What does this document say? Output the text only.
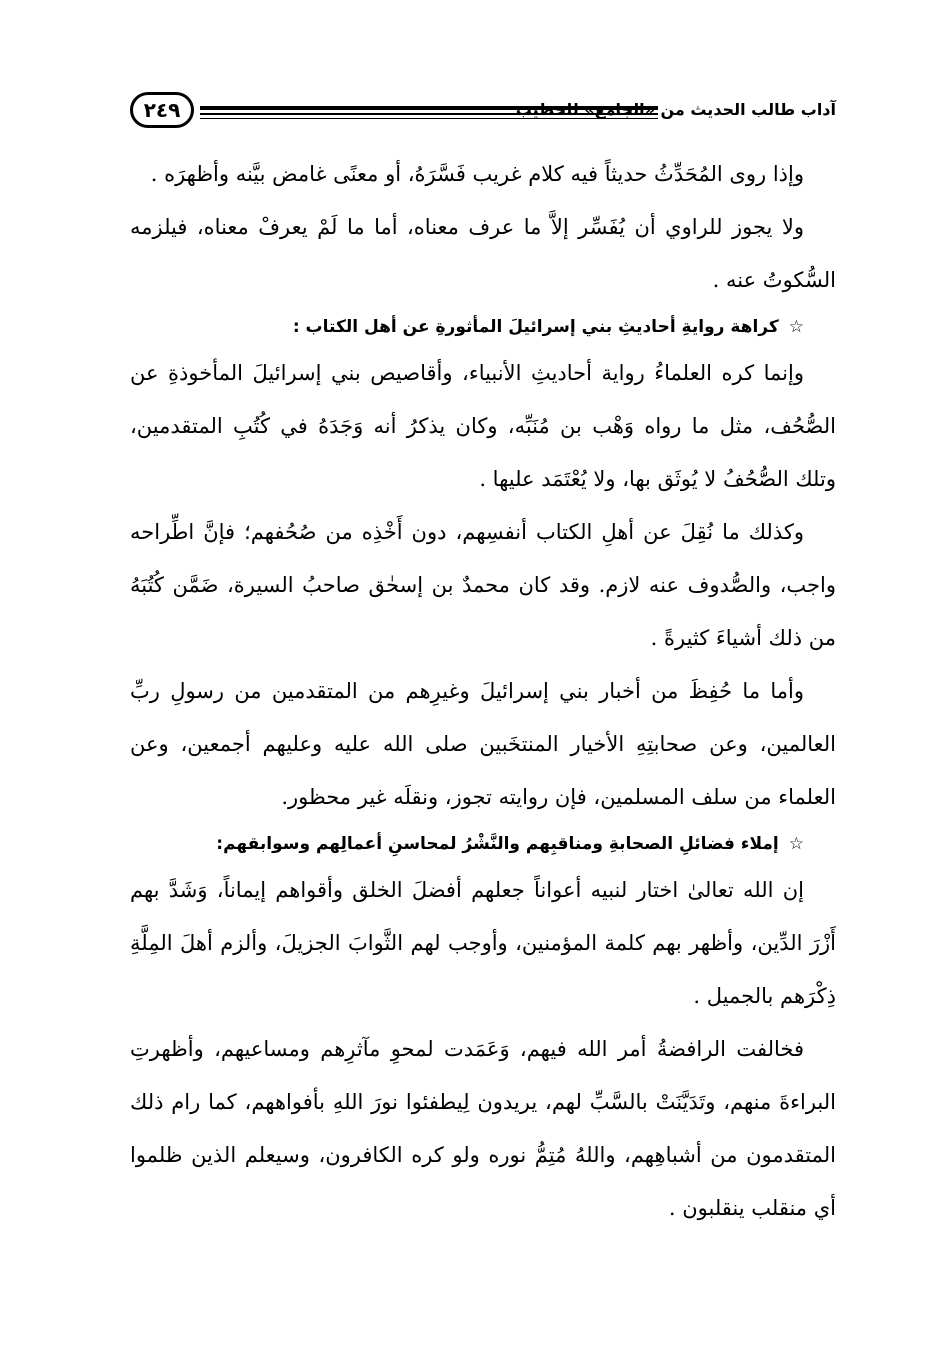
٢٤٩	آداب طالب الحديث من «الجامع» للخطيب

وإذا روى المُحَدِّثُ حديثاً فيه كلام غريب فَسَّرَهُ، أو معنًى غامض بيَّنه وأظهرَه .

ولا يجوز للراوي أن يُفَسِّر إلاَّ ما عرف معناه، أما ما لَمْ يعرفْ معناه، فيلزمه السُّكوتُ عنه .

☆كراهة روايةِ أحاديثِ بني إسرائيلَ المأثورةِ عن أهل الكتاب :

وإنما كره العلماءُ رواية أحاديثِ الأنبياء، وأقاصيص بني إسرائيلَ المأخوذةِ عن الصُّحُف، مثل ما رواه وَهْب بن مُنَبِّه، وكان يذكرُ أنه وَجَدَهُ في كُتُبِ المتقدمين، وتلك الصُّحُفُ لا يُوثَق بها، ولا يُعْتَمَد عليها .

وكذلك ما نُقِلَ عن أهلِ الكتاب أنفسِهم، دون أَخْذِه من صُحُفهم؛ فإنَّ اطِّراحه واجب، والصُّدوف عنه لازم. وقد كان محمدٌ بن إسحٰق صاحبُ السيرة، ضَمَّن كُتُبَهُ من ذلك أشياءَ كثيرةً .

وأما ما حُفِظَ من أخبار بني إسرائيلَ وغيرِهم من المتقدمين من رسولِ ربِّ العالمين، وعن صحابتِهِ الأخيار المنتخَبين صلى الله عليه وعليهم أجمعين، وعن العلماء من سلف المسلمين، فإن روايته تجوز، ونقلَه غير محظور.

☆إملاء فضائلِ الصحابةِ ومناقبِهم والنَّشْرُ لمحاسنِ أعمالِهم وسوابقهم:

إن الله تعالىٰ اختار لنبيه أعواناً جعلهم أفضلَ الخلق وأقواهم إيماناً، وَشَدَّ بهم أَزْرَ الدِّين، وأظهر بهم كلمة المؤمنين، وأوجب لهم الثَّوابَ الجزيلَ، وألزم أهلَ المِلَّةِ ذِكْرَهم بالجميل .

فخالفت الرافضةُ أمر الله فيهم، وَعَمَدت لمحوِ مآثرِهم ومساعيهم، وأظهرتِ البراءةَ منهم، وتَدَيَّنَتْ بالسَّبِّ لهم، يريدون لِيطفئوا نورَ اللهِ بأفواههم، كما رام ذلك المتقدمون من أشباهِهم، واللهُ مُتِمُّ نوره ولو كره الكافرون، وسيعلم الذين ظلموا أي منقلب ينقلبون .
